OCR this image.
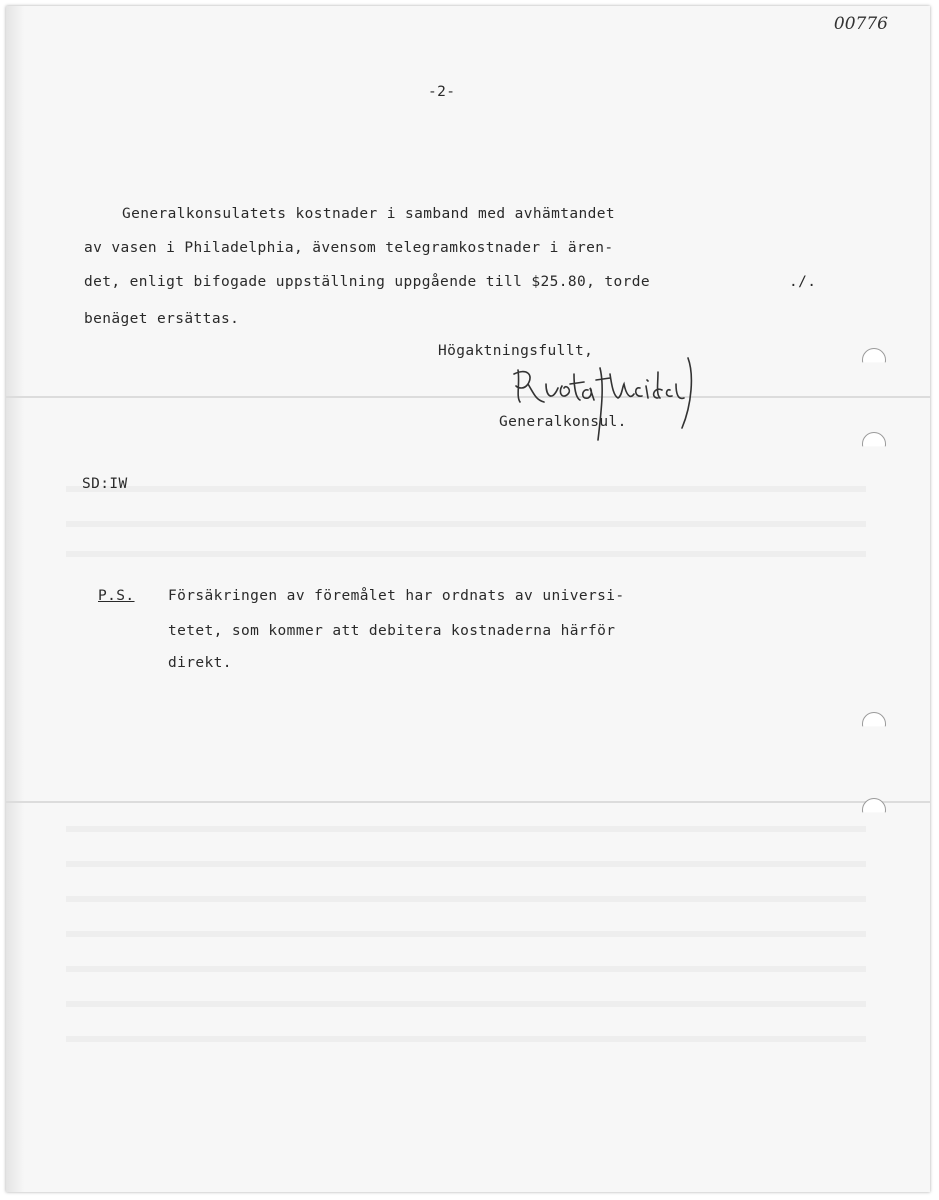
00776
-2-
Generalkonsulatets kostnader i samband med avhämtandet
av vasen i Philadelphia, ävensom telegramkostnader i ären-
det, enligt bifogade uppställning uppgående till $25.80, torde
benäget ersättas.
./.
Högaktningsfullt,
Generalkonsul.
SD:IW
P.S. Försäkringen av föremålet har ordnats av universi-
tetet, som kommer att debitera kostnaderna härför
direkt.
